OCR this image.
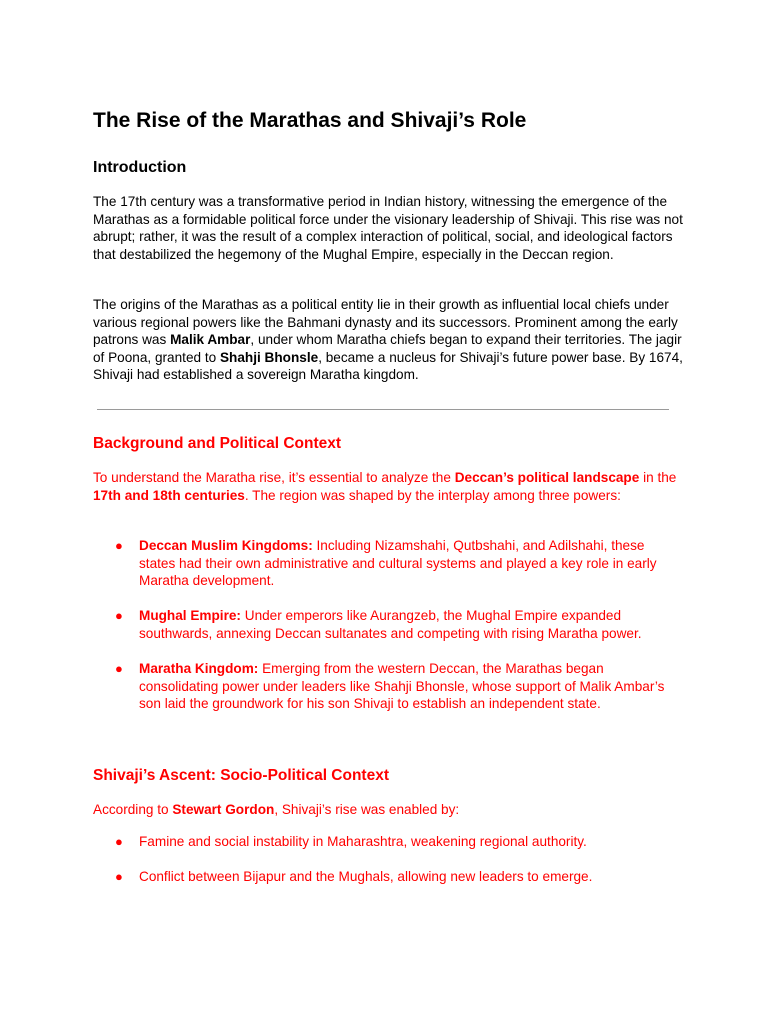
The Rise of the Marathas and Shivaji’s Role
Introduction

The 17th century was a transformative period in Indian history, witnessing the emergence of the Marathas as a formidable political force under the visionary leadership of Shivaji. This rise was not abrupt; rather, it was the result of a complex interaction of political, social, and ideological factors that destabilized the hegemony of the Mughal Empire, especially in the Deccan region.

The origins of the Marathas as a political entity lie in their growth as influential local chiefs under various regional powers like the Bahmani dynasty and its successors. Prominent among the early patrons was Malik Ambar, under whom Maratha chiefs began to expand their territories. The jagir of Poona, granted to Shahji Bhonsle, became a nucleus for Shivaji’s future power base. By 1674, Shivaji had established a sovereign Maratha kingdom.

Background and Political Context

To understand the Maratha rise, it’s essential to analyze the Deccan’s political landscape in the 17th and 18th centuries. The region was shaped by the interplay among three powers:

●	Deccan Muslim Kingdoms: Including Nizamshahi, Qutbshahi, and Adilshahi, these states had their own administrative and cultural systems and played a key role in early Maratha development.

●	Mughal Empire: Under emperors like Aurangzeb, the Mughal Empire expanded southwards, annexing Deccan sultanates and competing with rising Maratha power.

●	Maratha Kingdom: Emerging from the western Deccan, the Marathas began consolidating power under leaders like Shahji Bhonsle, whose support of Malik Ambar’s son laid the groundwork for his son Shivaji to establish an independent state.

Shivaji’s Ascent: Socio-Political Context

According to Stewart Gordon, Shivaji’s rise was enabled by:

●	Famine and social instability in Maharashtra, weakening regional authority.

●	Conflict between Bijapur and the Mughals, allowing new leaders to emerge.
